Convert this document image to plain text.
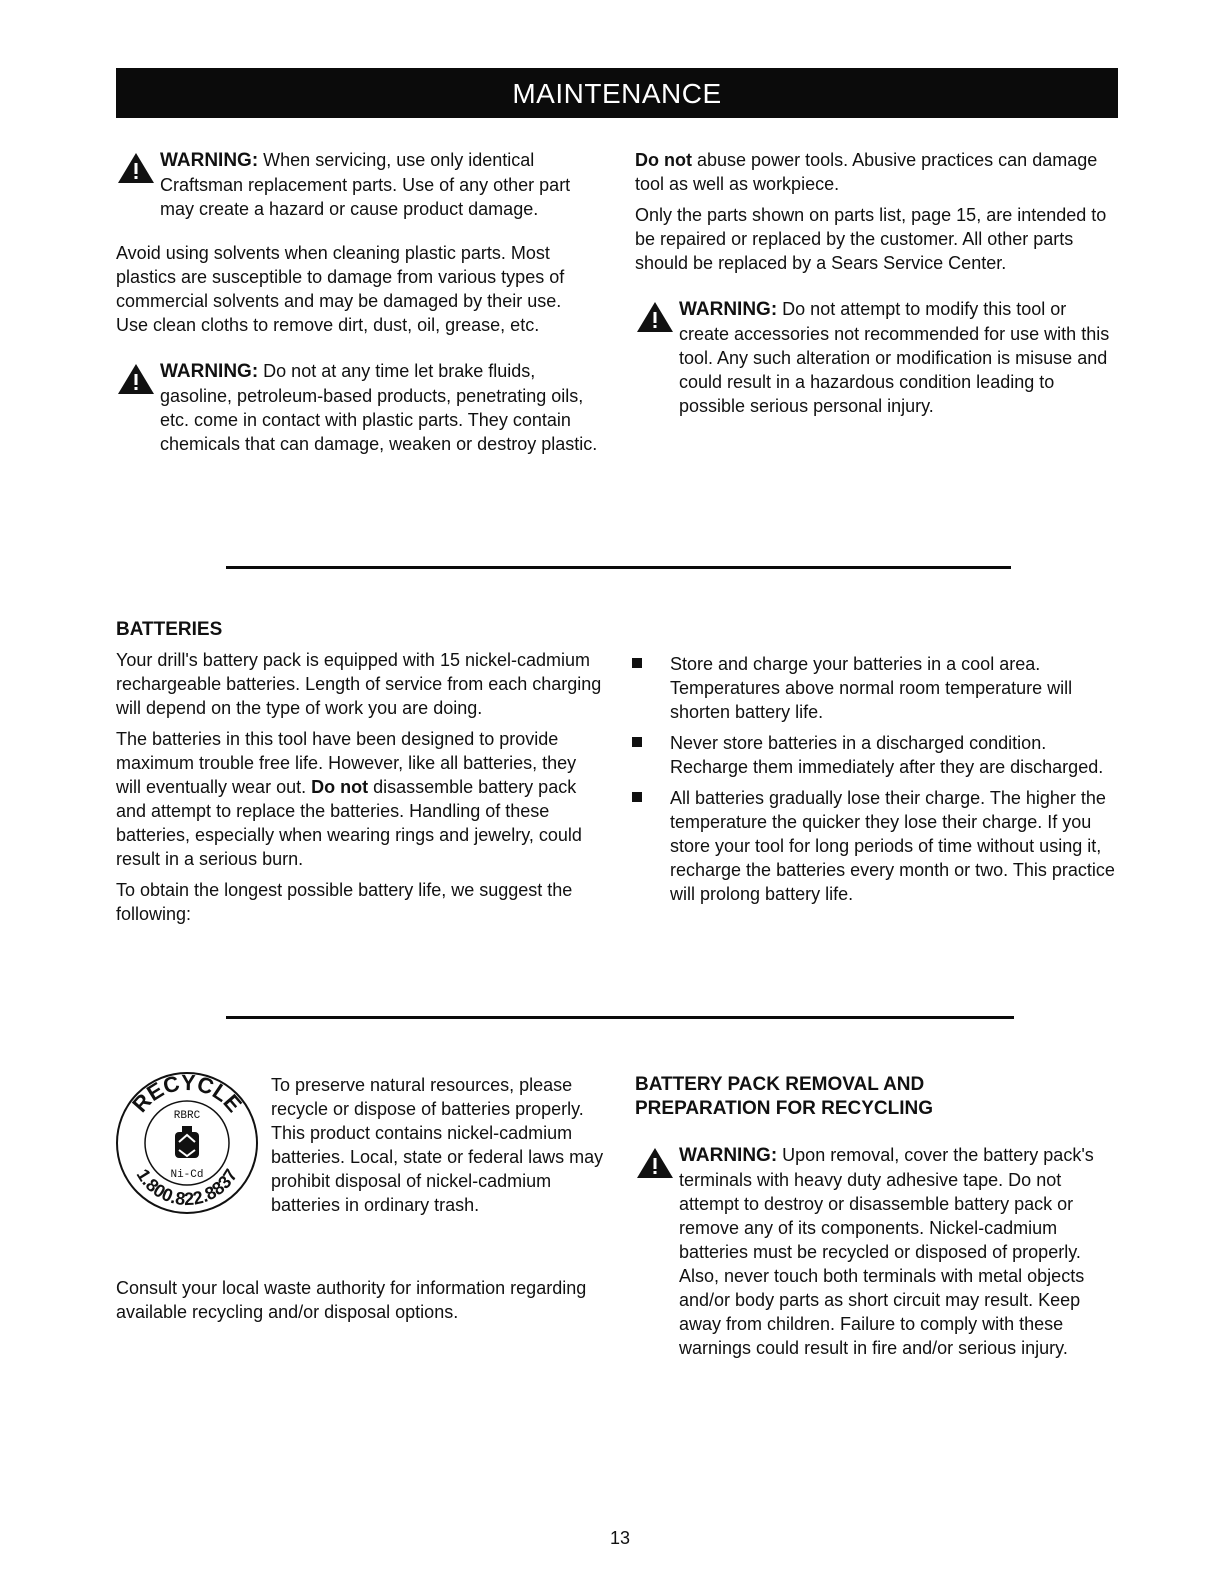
MAINTENANCE
WARNING: When servicing, use only identical Craftsman replacement parts. Use of any other part may create a hazard or cause product damage.

Avoid using solvents when cleaning plastic parts. Most plastics are susceptible to damage from various types of commercial solvents and may be damaged by their use. Use clean cloths to remove dirt, dust, oil, grease, etc.

WARNING: Do not at any time let brake fluids, gasoline, petroleum-based products, penetrating oils, etc. come in contact with plastic parts. They contain chemicals that can damage, weaken or destroy plastic.

Do not abuse power tools. Abusive practices can damage tool as well as workpiece.

Only the parts shown on parts list, page 15, are intended to be repaired or replaced by the customer. All other parts should be replaced by a Sears Service Center.

WARNING: Do not attempt to modify this tool or create accessories not recommended for use with this tool. Any such alteration or modification is misuse and could result in a hazardous condition leading to possible serious personal injury.
BATTERIES

Your drill's battery pack is equipped with 15 nickel-cadmium rechargeable batteries. Length of service from each charging will depend on the type of work you are doing.

The batteries in this tool have been designed to provide maximum trouble free life. However, like all batteries, they will eventually wear out. Do not disassemble battery pack and attempt to replace the batteries. Handling of these batteries, especially when wearing rings and jewelry, could result in a serious burn.

To obtain the longest possible battery life, we suggest the following:

Store and charge your batteries in a cool area. Temperatures above normal room temperature will shorten battery life.
Never store batteries in a discharged condition. Recharge them immediately after they are discharged.
All batteries gradually lose their charge. The higher the temperature the quicker they lose their charge. If you store your tool for long periods of time without using it, recharge the batteries every month or two. This practice will prolong battery life.
RECYCLE
1.800.822.8837
RBRC
Ni-Cd

To preserve natural resources, please recycle or dispose of batteries properly.

This product contains nickel-cadmium batteries. Local, state or federal laws may prohibit disposal of nickel-cadmium batteries in ordinary trash.

Consult your local waste authority for information regarding available recycling and/or disposal options.

BATTERY PACK REMOVAL AND
PREPARATION FOR RECYCLING
WARNING: Upon removal, cover the battery pack's terminals with heavy duty adhesive tape. Do not attempt to destroy or disassemble battery pack or remove any of its components. Nickel-cadmium batteries must be recycled or disposed of properly. Also, never touch both terminals with metal objects and/or body parts as short circuit may result. Keep away from children. Failure to comply with these warnings could result in fire and/or serious injury.
13
